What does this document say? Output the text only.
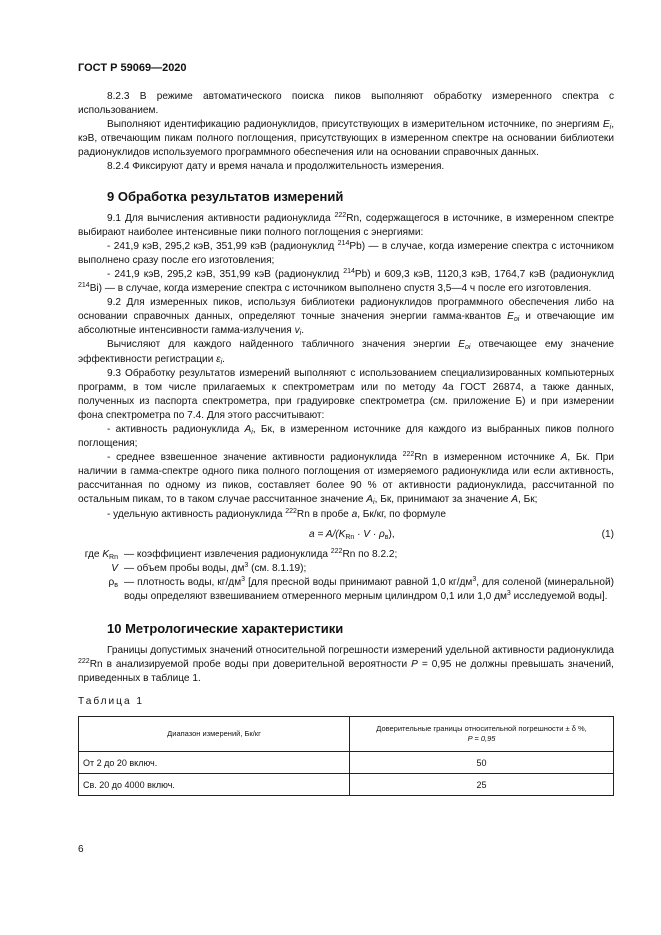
ГОСТ Р 59069—2020

8.2.3 В режиме автоматического поиска пиков выполняют обработку измеренного спектра с использованием.

Выполняют идентификацию радионуклидов, присутствующих в измерительном источнике, по энергиям $E_i$, кэВ, отвечающим пикам полного поглощения, присутствующих в измеренном спектре на основании библиотеки радионуклидов используемого программного обеспечения или на основании справочных данных.

8.2.4 Фиксируют дату и время начала и продолжительность измерения.

9 Обработка результатов измерений

9.1 Для вычисления активности радионуклида $^{222}$Rn, содержащегося в источнике, в измеренном спектре выбирают наиболее интенсивные пики полного поглощения с энергиями:

- 241,9 кэВ, 295,2 кэВ, 351,99 кэВ (радионуклид $^{214}$Pb) — в случае, когда измерение спектра с источником выполнено сразу после его изготовления;

- 241,9 кэВ, 295,2 кэВ, 351,99 кэВ (радионуклид $^{214}$Pb) и 609,3 кэВ, 1120,3 кэВ, 1764,7 кэВ (радионуклид $^{214}$Bi) — в случае, когда измерение спектра с источником выполнено спустя 3,5—4 ч после его изготовления.

9.2 Для измеренных пиков, используя библиотеки радионуклидов программного обеспечения либо на основании справочных данных, определяют точные значения энергии гамма-квантов $E_{oi}$ и отвечающие им абсолютные интенсивности гамма-излучения $v_i$.

Вычисляют для каждого найденного табличного значения энергии $E_{oi}$ отвечающее ему значение эффективности регистрации $\varepsilon_i$.

9.3 Обработку результатов измерений выполняют с использованием специализированных компьютерных программ, в том числе прилагаемых к спектрометрам или по методу 4а ГОСТ 26874, а также данных, полученных из паспорта спектрометра, при градуировке спектрометра (см. приложение Б) и при измерении фона спектрометра по 7.4. Для этого рассчитывают:

- активность радионуклида $A_i$, Бк, в измеренном источнике для каждого из выбранных пиков полного поглощения;

- среднее взвешенное значение активности радионуклида $^{222}$Rn в измеренном источнике A, Бк. При наличии в гамма-спектре одного пика полного поглощения от измеряемого радионуклида или если активность, рассчитанная по одному из пиков, составляет более 90 % от активности радионуклида, рассчитанной по остальным пикам, то в таком случае рассчитанное значение $A_i$, Бк, принимают за значение A, Бк;

- удельную активность радионуклида $^{222}$Rn в пробе a, Бк/кг, по формуле

$a = A/(K_{Rn} \cdot V \cdot \rho_в)$,	(1)
где $K_{Rn}$ — коэффициент извлечения радионуклида $^{222}$Rn по 8.2.2;

V — объем пробы воды, $дм^3$ (см. 8.1.19);

$\rho_в$ — плотность воды, $кг/дм^3$ [для пресной воды принимают равной 1,0 $кг/дм^3$, для соленой (минеральной) воды определяют взвешиванием отмеренного мерным цилиндром 0,1 или 1,0 $дм^3$ исследуемой воды].

10 Метрологические характеристики

Границы допустимых значений относительной погрешности измерений удельной активности радионуклида $^{222}$Rn в анализируемой пробе воды при доверительной вероятности P = 0,95 не должны превышать значений, приведенных в таблице 1.

Таблица 1
Диапазон измерений, Бк/кг	Доверительные границы относительной погрешности ± δ %,
P = 0,95
От 2 до 20 включ.	50
Св. 20 до 4000 включ.	25
6
